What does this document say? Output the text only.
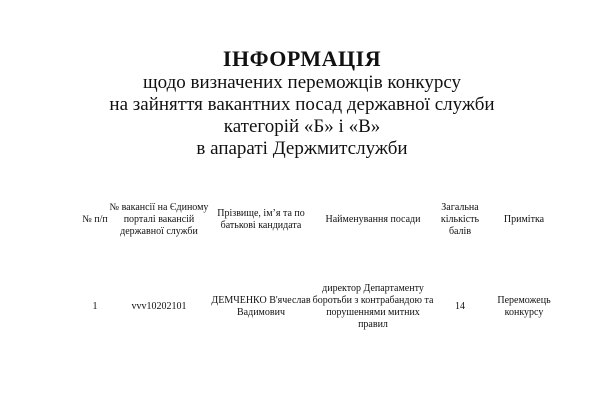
ІНФОРМАЦІЯ
щодо визначених переможців конкурсу
на зайняття вакантних посад державної служби
категорій «Б» і «В»
в апараті Держмитслужби
№ п/п	№ вакансії на Єдиному порталі вакансій державної служби	Прізвище, ім’я та по батькові кандидата	Найменування посади	Загальна кількість балів	Примітка
1	vvv10202101	ДЕМЧЕНКО В'ячеслав Вадимович	директор Департаменту боротьби з контрабандою та порушеннями митних правил	14	Переможець конкурсу
